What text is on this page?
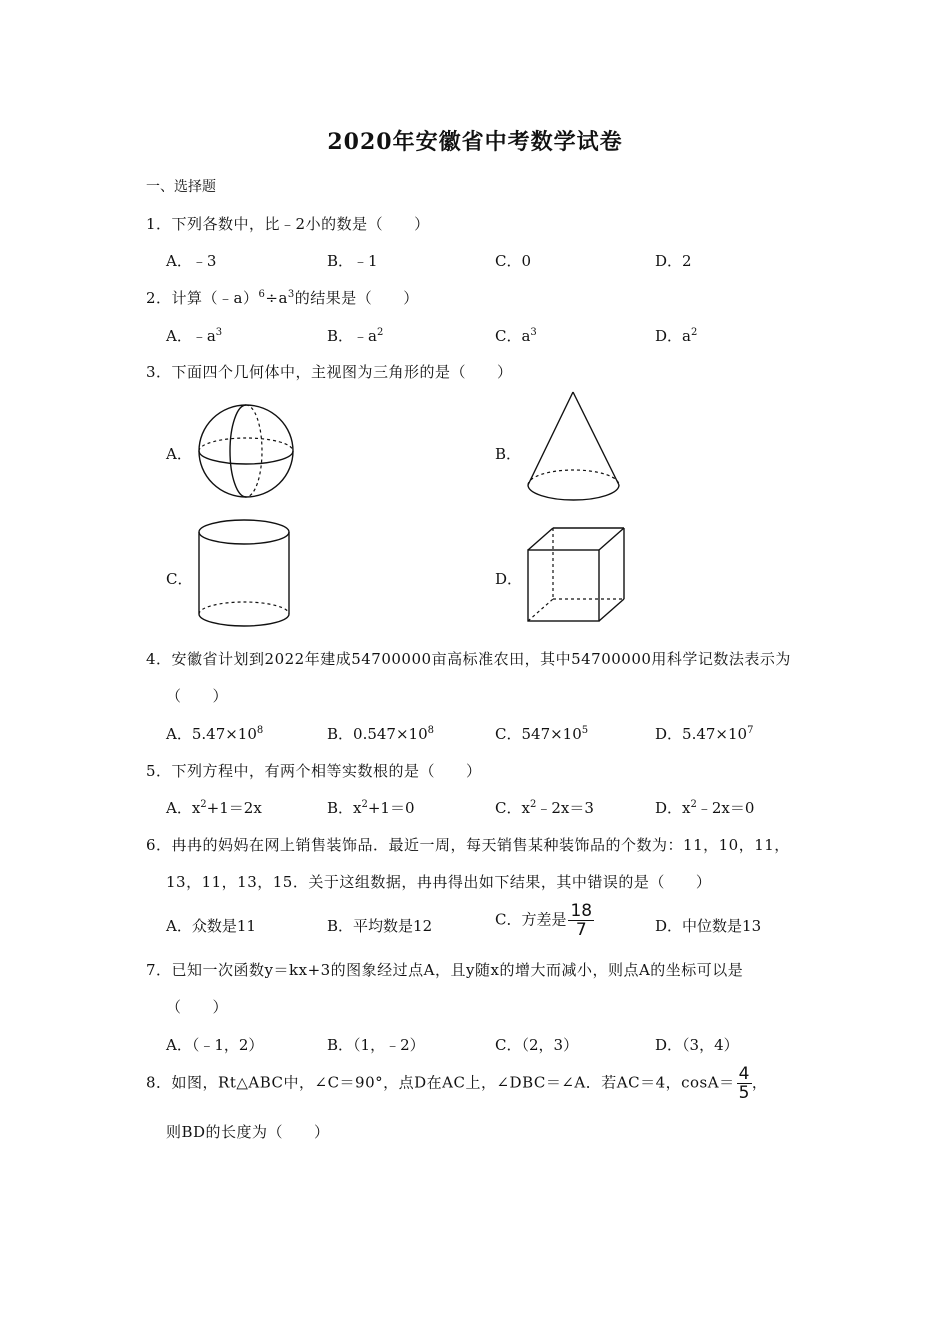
2020年安徽省中考数学试卷
一、选择题
1．下列各数中，比﹣2小的数是（　　）
A．﹣3	B．﹣1	C．0	D．2
2．计算$(﹣a)^6\div a^3$的结果是（　　）
A．$﹣a^3$	B．$﹣a^2$	C．$a^3$	D．$a^2$
3．下面四个几何体中，主视图为三角形的是（　　）
A．	B．
C．	D．
4．安徽省计划到2022年建成54700000亩高标准农田，其中54700000用科学记数法表示为
（　　）
A．$5.47\times 10^8$	B．$0.547\times 10^8$	C．$547\times 10^5$	D．$5.47\times 10^7$
5．下列方程中，有两个相等实数根的是（　　）
A．$x^2+1=2x$	B．$x^2+1=0$	C．$x^2﹣2x=3$	D．$x^2﹣2x=0$
6．冉冉的妈妈在网上销售装饰品．最近一周，每天销售某种装饰品的个数为：11，10，11，
13，11，13，15．关于这组数据，冉冉得出如下结果，其中错误的是（　　）
A．众数是11	B．平均数是12	C．方差是 $\frac{18}{7}$	D．中位数是13
7．已知一次函数y＝kx+3的图象经过点A，且y随x的增大而减小，则点A的坐标可以是
（　　）
A．（﹣1，2）	B．（1，﹣2）	C．（2，3）	D．（3，4）
8．如图，Rt△ABC中，∠C＝90°，点D在AC上，∠DBC＝∠A．若AC＝4，$\cos A= \frac{4}{5}$ ，
则BD的长度为（　　）
